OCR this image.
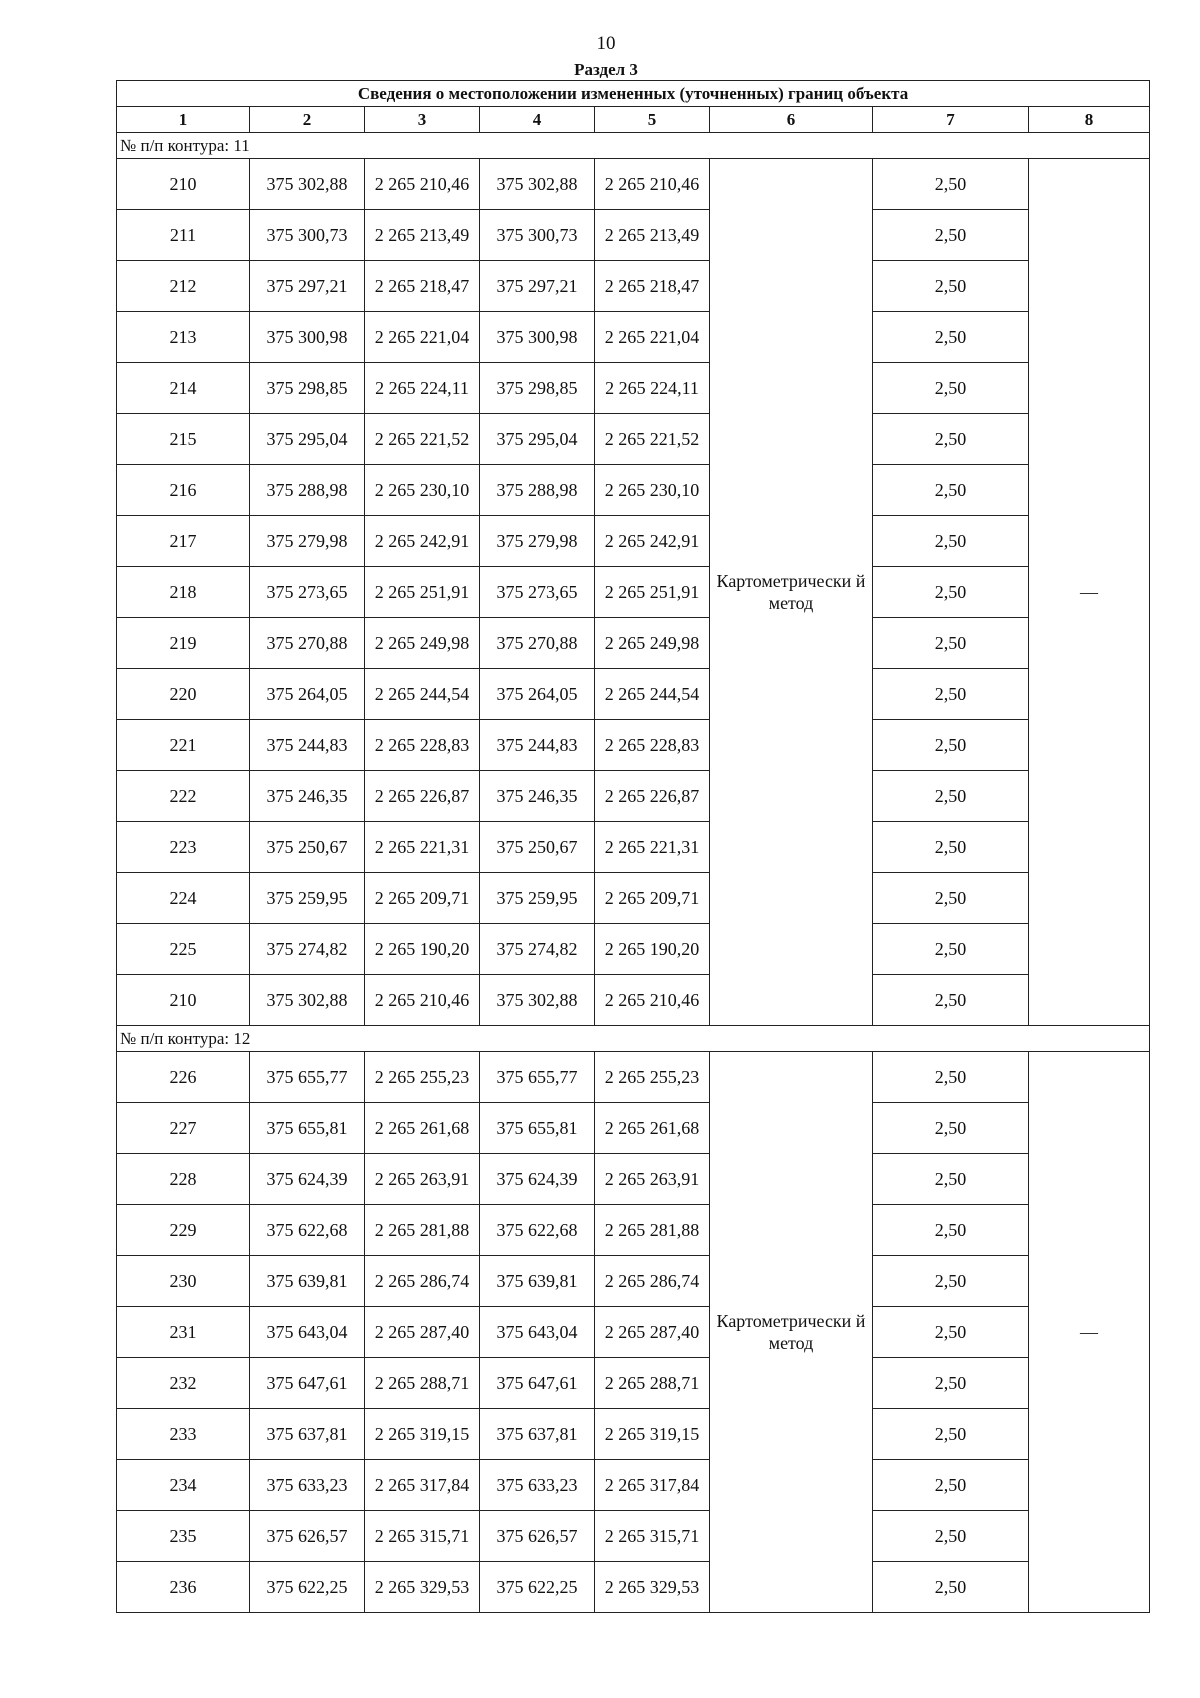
10
Раздел 3
Сведения о местоположении измененных (уточненных) границ объекта							
1	2	3	4	5	6	7	8
№ п/п контура: 11							
210	375 302,88	2 265 210,46	375 302,88	2 265 210,46	Картометрически й метод	2,50	—
211	375 300,73	2 265 213,49	375 300,73	2 265 213,49		2,50	
212	375 297,21	2 265 218,47	375 297,21	2 265 218,47		2,50	
213	375 300,98	2 265 221,04	375 300,98	2 265 221,04		2,50	
214	375 298,85	2 265 224,11	375 298,85	2 265 224,11		2,50	
215	375 295,04	2 265 221,52	375 295,04	2 265 221,52		2,50	
216	375 288,98	2 265 230,10	375 288,98	2 265 230,10		2,50	
217	375 279,98	2 265 242,91	375 279,98	2 265 242,91		2,50	
218	375 273,65	2 265 251,91	375 273,65	2 265 251,91		2,50	
219	375 270,88	2 265 249,98	375 270,88	2 265 249,98		2,50	
220	375 264,05	2 265 244,54	375 264,05	2 265 244,54		2,50	
221	375 244,83	2 265 228,83	375 244,83	2 265 228,83		2,50	
222	375 246,35	2 265 226,87	375 246,35	2 265 226,87		2,50	
223	375 250,67	2 265 221,31	375 250,67	2 265 221,31		2,50	
224	375 259,95	2 265 209,71	375 259,95	2 265 209,71		2,50	
225	375 274,82	2 265 190,20	375 274,82	2 265 190,20		2,50	
210	375 302,88	2 265 210,46	375 302,88	2 265 210,46		2,50	
№ п/п контура: 12							
226	375 655,77	2 265 255,23	375 655,77	2 265 255,23	Картометрически й метод	2,50	—
227	375 655,81	2 265 261,68	375 655,81	2 265 261,68		2,50	
228	375 624,39	2 265 263,91	375 624,39	2 265 263,91		2,50	
229	375 622,68	2 265 281,88	375 622,68	2 265 281,88		2,50	
230	375 639,81	2 265 286,74	375 639,81	2 265 286,74		2,50	
231	375 643,04	2 265 287,40	375 643,04	2 265 287,40		2,50	
232	375 647,61	2 265 288,71	375 647,61	2 265 288,71		2,50	
233	375 637,81	2 265 319,15	375 637,81	2 265 319,15		2,50	
234	375 633,23	2 265 317,84	375 633,23	2 265 317,84		2,50	
235	375 626,57	2 265 315,71	375 626,57	2 265 315,71		2,50	
236	375 622,25	2 265 329,53	375 622,25	2 265 329,53		2,50	
